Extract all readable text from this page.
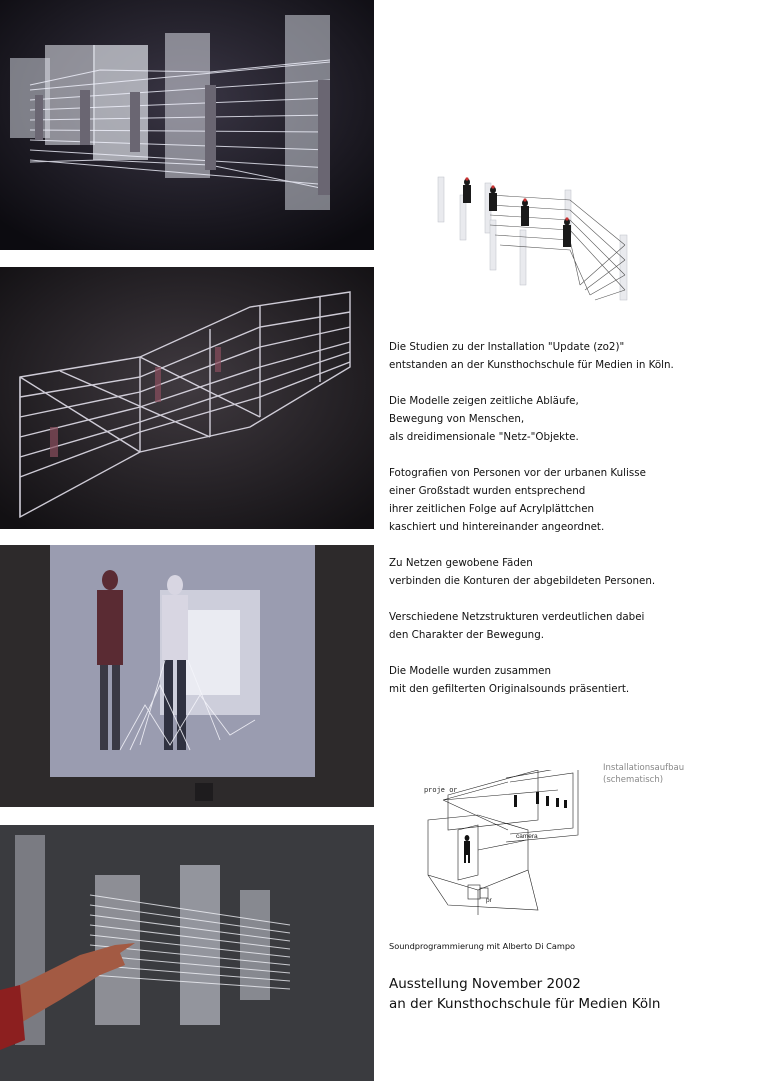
Die Studien zu der Installation "Update (zo2)"
entstanden an der Kunsthochschule für Medien in Köln.

Die Modelle zeigen zeitliche Abläufe,
Bewegung von Menschen,
als dreidimensionale "Netz-"Objekte.

Fotografien von Personen vor der urbanen Kulisse
einer Großstadt wurden entsprechend
ihrer zeitlichen Folge auf Acrylplättchen
kaschiert und hintereinander angeordnet.

Zu Netzen gewobene Fäden
verbinden die Konturen der abgebildeten Personen.

Verschiedene Netzstrukturen verdeutlichen dabei
den Charakter der Bewegung.

Die Modelle wurden zusammen
mit den gefilterten Originalsounds präsentiert.

proje or
camera
pr
Installationsaufbau
(schematisch)
Soundprogrammierung mit Alberto Di Campo
Ausstellung November 2002
an der Kunsthochschule für Medien Köln
